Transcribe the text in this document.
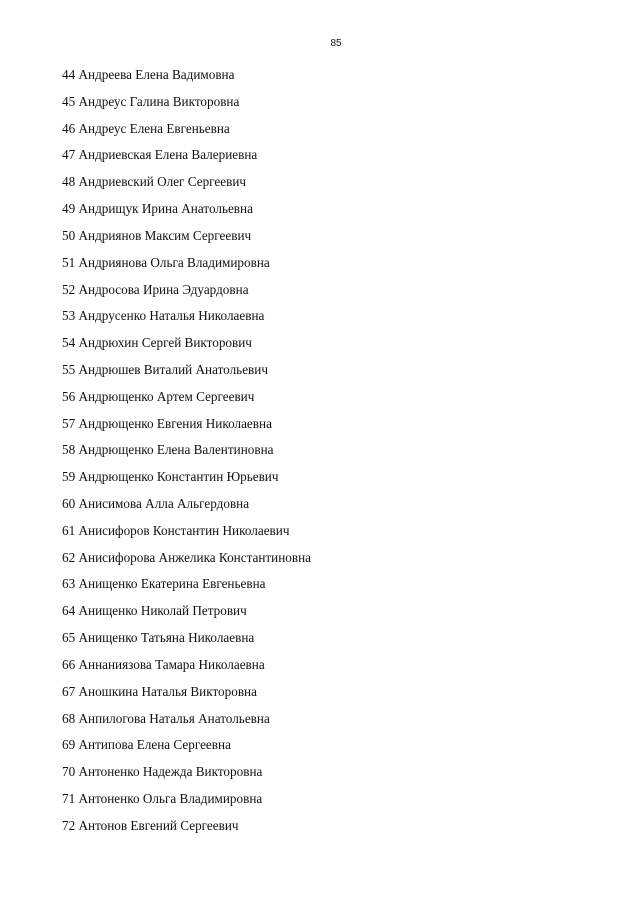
85
44 Андреева Елена Вадимовна
45 Андреус Галина Викторовна
46 Андреус Елена Евгеньевна
47 Андриевская Елена Валериевна
48 Андриевский Олег Сергеевич
49 Андрищук Ирина Анатольевна
50 Андриянов Максим Сергеевич
51 Андриянова Ольга Владимировна
52 Андросова Ирина Эдуардовна
53 Андрусенко Наталья Николаевна
54 Андрюхин Сергей Викторович
55 Андрюшев Виталий Анатольевич
56 Андрющенко Артем Сергеевич
57 Андрющенко Евгения Николаевна
58 Андрющенко Елена Валентиновна
59 Андрющенко Константин Юрьевич
60 Анисимова Алла Альгердовна
61 Анисифоров Константин Николаевич
62 Анисифорова Анжелика Константиновна
63 Анищенко Екатерина Евгеньевна
64 Анищенко Николай Петрович
65 Анищенко Татьяна Николаевна
66 Аннаниязова Тамара Николаевна
67 Аношкина Наталья Викторовна
68 Анпилогова Наталья Анатольевна
69 Антипова Елена Сергеевна
70 Антоненко Надежда Викторовна
71 Антоненко Ольга Владимировна
72 Антонов Евгений Сергеевич
